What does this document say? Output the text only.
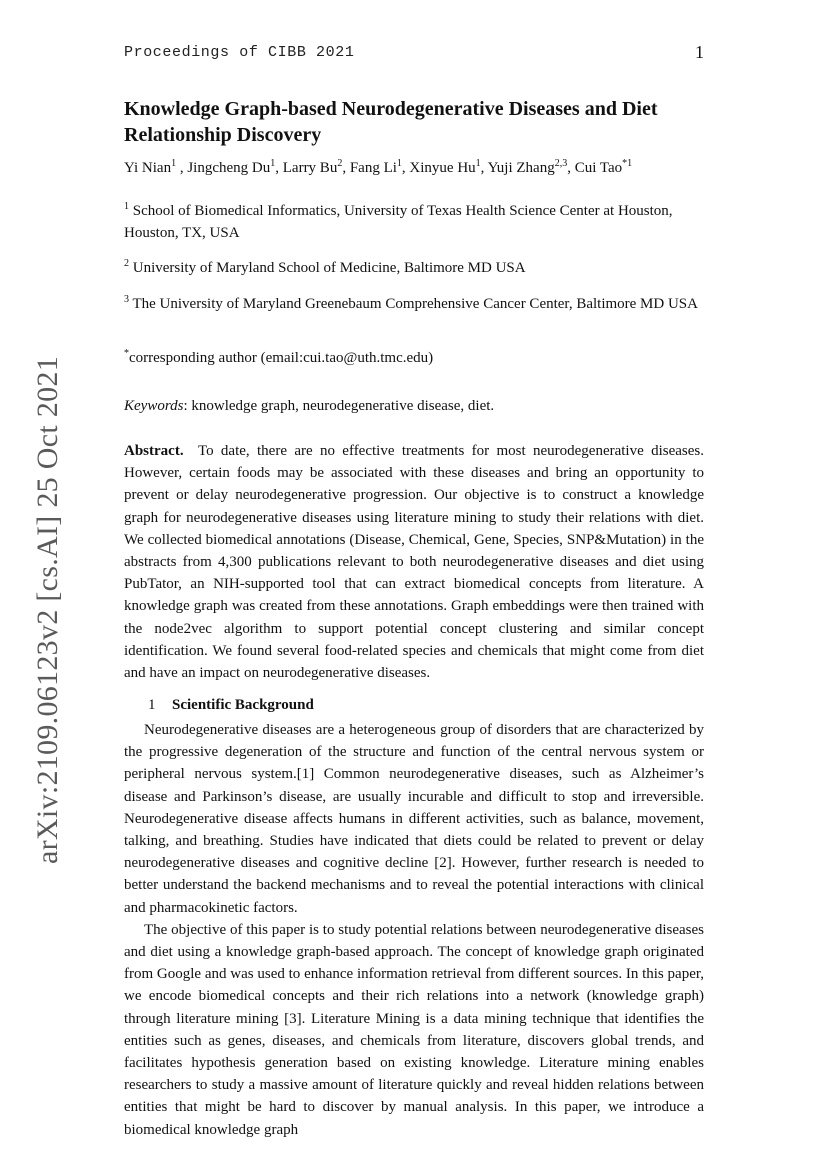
Proceedings of CIBB 2021	1
arXiv:2109.06123v2 [cs.AI] 25 Oct 2021
Knowledge Graph-based Neurodegenerative Diseases and Diet Relationship Discovery
Yi Nian$^1$ , Jingcheng Du$^1$, Larry Bu$^2$, Fang Li$^1$, Xinyue Hu$^1$, Yuji Zhang$^{2,3}$, Cui Tao$^{*1}$
$^1$ School of Biomedical Informatics, University of Texas Health Science Center at Houston, Houston, TX, USA
$^2$ University of Maryland School of Medicine, Baltimore MD USA
$^3$ The University of Maryland Greenebaum Comprehensive Cancer Center, Baltimore MD USA
*corresponding author (email:cui.tao@uth.tmc.edu)
Keywords: knowledge graph, neurodegenerative disease, diet.

Abstract. To date, there are no effective treatments for most neurodegenerative diseases. However, certain foods may be associated with these diseases and bring an opportunity to prevent or delay neurodegenerative progression. Our objective is to construct a knowledge graph for neurodegenerative diseases using literature mining to study their relations with diet. We collected biomedical annotations (Disease, Chemical, Gene, Species, SNP&Mutation) in the abstracts from 4,300 publications relevant to both neurodegenerative diseases and diet using PubTator, an NIH-supported tool that can extract biomedical concepts from literature. A knowledge graph was created from these annotations. Graph embeddings were then trained with the node2vec algorithm to support potential concept clustering and similar concept identification. We found several food-related species and chemicals that might come from diet and have an impact on neurodegenerative diseases.

1 Scientific Background

Neurodegenerative diseases are a heterogeneous group of disorders that are characterized by the progressive degeneration of the structure and function of the central nervous system or peripheral nervous system.[1] Common neurodegenerative diseases, such as Alzheimer’s disease and Parkinson’s disease, are usually incurable and difficult to stop and irreversible. Neurodegenerative disease affects humans in different activities, such as balance, movement, talking, and breathing. Studies have indicated that diets could be related to prevent or delay neurodegenerative diseases and cognitive decline [2]. However, further research is needed to better understand the backend mechanisms and to reveal the potential interactions with clinical and pharmacokinetic factors.

The objective of this paper is to study potential relations between neurodegenerative diseases and diet using a knowledge graph-based approach. The concept of knowledge graph originated from Google and was used to enhance information retrieval from different sources. In this paper, we encode biomedical concepts and their rich relations into a network (knowledge graph) through literature mining [3]. Literature Mining is a data mining technique that identifies the entities such as genes, diseases, and chemicals from literature, discovers global trends, and facilitates hypothesis generation based on existing knowledge. Literature mining enables researchers to study a massive amount of literature quickly and reveal hidden relations between entities that might be hard to discover by manual analysis. In this paper, we introduce a biomedical knowledge graph
